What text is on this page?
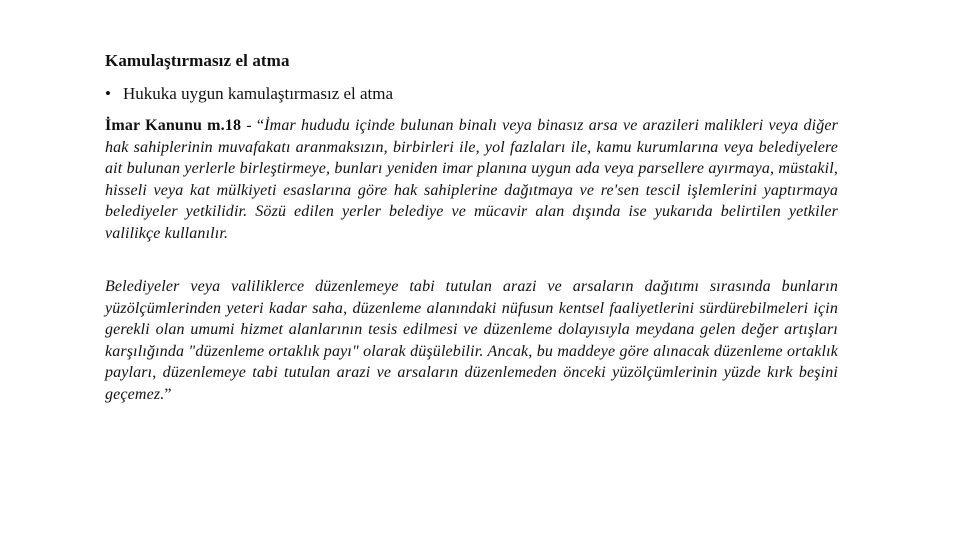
Kamulaştırmasız el atma
• Hukuka uygun kamulaştırmasız el atma
İmar Kanunu m.18 - “İmar hududu içinde bulunan binalı veya binasız arsa ve arazileri malikleri veya diğer hak sahiplerinin muvafakatı aranmaksızın, birbirleri ile, yol fazlaları ile, kamu kurumlarına veya belediyelere ait bulunan yerlerle birleştirmeye, bunları yeniden imar planına uygun ada veya parsellere ayırmaya, müstakil, hisseli veya kat mülkiyeti esaslarına göre hak sahiplerine dağıtmaya ve re'sen tescil işlemlerini yaptırmaya belediyeler yetkilidir. Sözü edilen yerler belediye ve mücavir alan dışında ise yukarıda belirtilen yetkiler valilikçe kullanılır.
Belediyeler veya valiliklerce düzenlemeye tabi tutulan arazi ve arsaların dağıtımı sırasında bunların yüzölçümlerinden yeteri kadar saha, düzenleme alanındaki nüfusun kentsel faaliyetlerini sürdürebilmeleri için gerekli olan umumi hizmet alanlarının tesis edilmesi ve düzenleme dolayısıyla meydana gelen değer artışları karşılığında "düzenleme ortaklık payı" olarak düşülebilir. Ancak, bu maddeye göre alınacak düzenleme ortaklık payları, düzenlemeye tabi tutulan arazi ve arsaların düzenlemeden önceki yüzölçümlerinin yüzde kırk beşini geçemez.”
